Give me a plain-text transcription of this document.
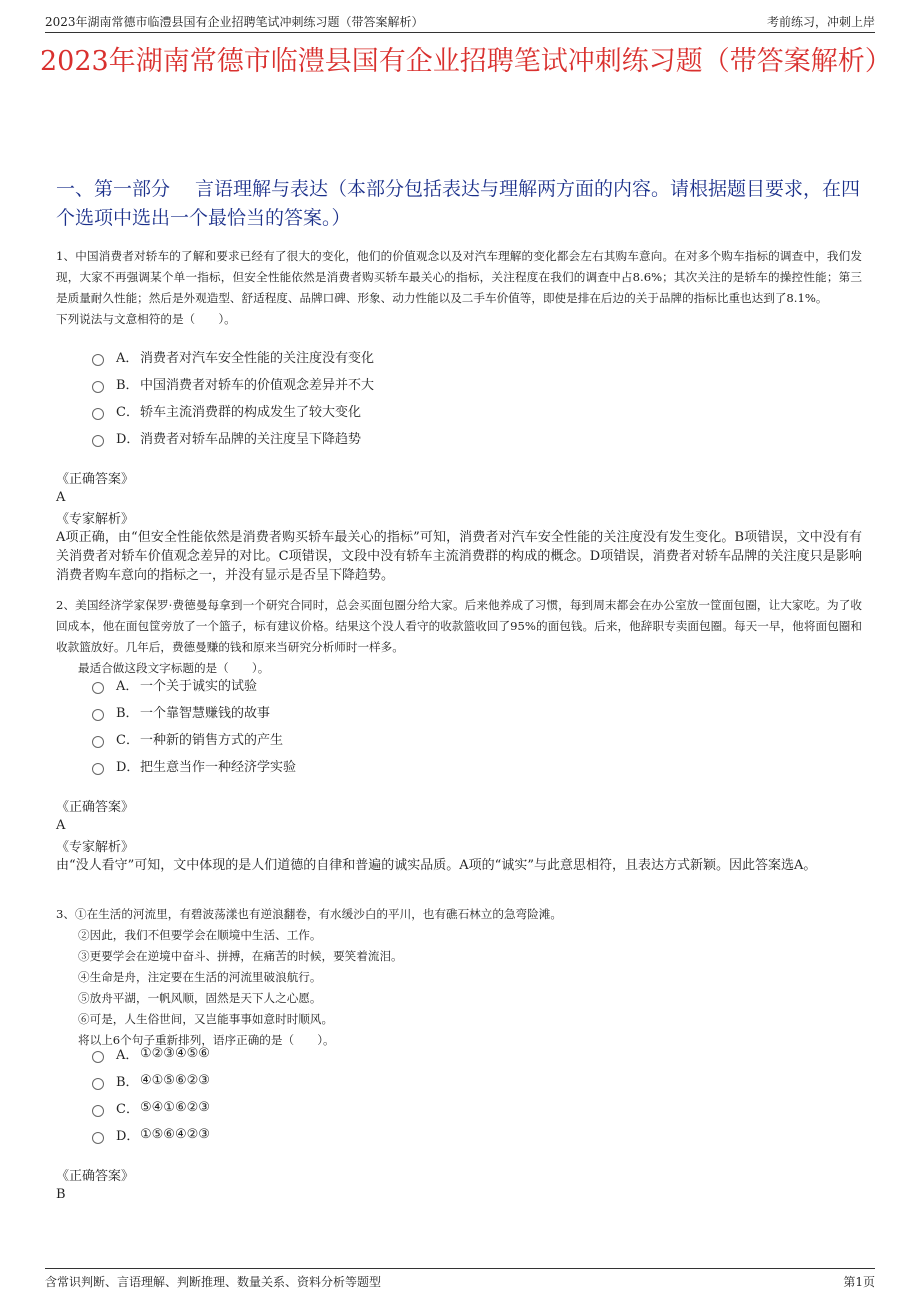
2023年湖南常德市临澧县国有企业招聘笔试冲刺练习题（带答案解析）	考前练习，冲刺上岸
2023年湖南常德市临澧县国有企业招聘笔试冲刺练习题（带答案解析）
一、第一部分　 言语理解与表达（本部分包括表达与理解两方面的内容。请根据题目要求，在四个选项中选出一个最恰当的答案。）

1、中国消费者对轿车的了解和要求已经有了很大的变化，他们的价值观念以及对汽车理解的变化都会左右其购车意向。在对多个购车指标的调查中，我们发现，大家不再强调某个单一指标，但安全性能依然是消费者购买轿车最关心的指标，关注程度在我们的调查中占8.6%；其次关注的是轿车的操控性能；第三是质量耐久性能；然后是外观造型、舒适程度、品牌口碑、形象、动力性能以及二手车价值等，即使是排在后边的关于品牌的指标比重也达到了8.1%。

下列说法与文意相符的是（　　）。

A． 消费者对汽车安全性能的关注度没有变化
B． 中国消费者对轿车的价值观念差异并不大
C． 轿车主流消费群的构成发生了较大变化
D． 消费者对轿车品牌的关注度呈下降趋势

《正确答案》

A

《专家解析》

A项正确，由“但安全性能依然是消费者购买轿车最关心的指标”可知，消费者对汽车安全性能的关注度没有发生变化。B项错误，文中没有有关消费者对轿车价值观念差异的对比。C项错误，文段中没有轿车主流消费群的构成的概念。D项错误，消费者对轿车品牌的关注度只是影响消费者购车意向的指标之一，并没有显示是否呈下降趋势。

2、美国经济学家保罗·费德曼每拿到一个研究合同时，总会买面包圈分给大家。后来他养成了习惯，每到周末都会在办公室放一筐面包圈，让大家吃。为了收回成本，他在面包筐旁放了一个篮子，标有建议价格。结果这个没人看守的收款篮收回了95%的面包钱。后来，他辞职专卖面包圈。每天一早，他将面包圈和收款篮放好。几年后，费德曼赚的钱和原来当研究分析师时一样多。

最适合做这段文字标题的是（　　）。

A． 一个关于诚实的试验
B． 一个靠智慧赚钱的故事
C． 一种新的销售方式的产生
D． 把生意当作一种经济学实验

《正确答案》

A

《专家解析》

由“没人看守”可知，文中体现的是人们道德的自律和普遍的诚实品质。A项的“诚实”与此意思相符，且表达方式新颖。因此答案选A。

3、①在生活的河流里，有碧波荡漾也有逆浪翻卷，有水缓沙白的平川，也有礁石林立的急弯险滩。

②因此，我们不但要学会在顺境中生活、工作。

③更要学会在逆境中奋斗、拼搏，在痛苦的时候，要笑着流泪。

④生命是舟，注定要在生活的河流里破浪航行。

⑤放舟平湖，一帆风顺，固然是天下人之心愿。

⑥可是，人生俗世间，又岂能事事如意时时顺风。

将以上6个句子重新排列，语序正确的是（　　）。

A． ①②③④⑤⑥
B． ④①⑤⑥②③
C． ⑤④①⑥②③
D． ①⑤⑥④②③

《正确答案》

B

含常识判断、言语理解、判断推理、数量关系、资料分析等题型	第1页
